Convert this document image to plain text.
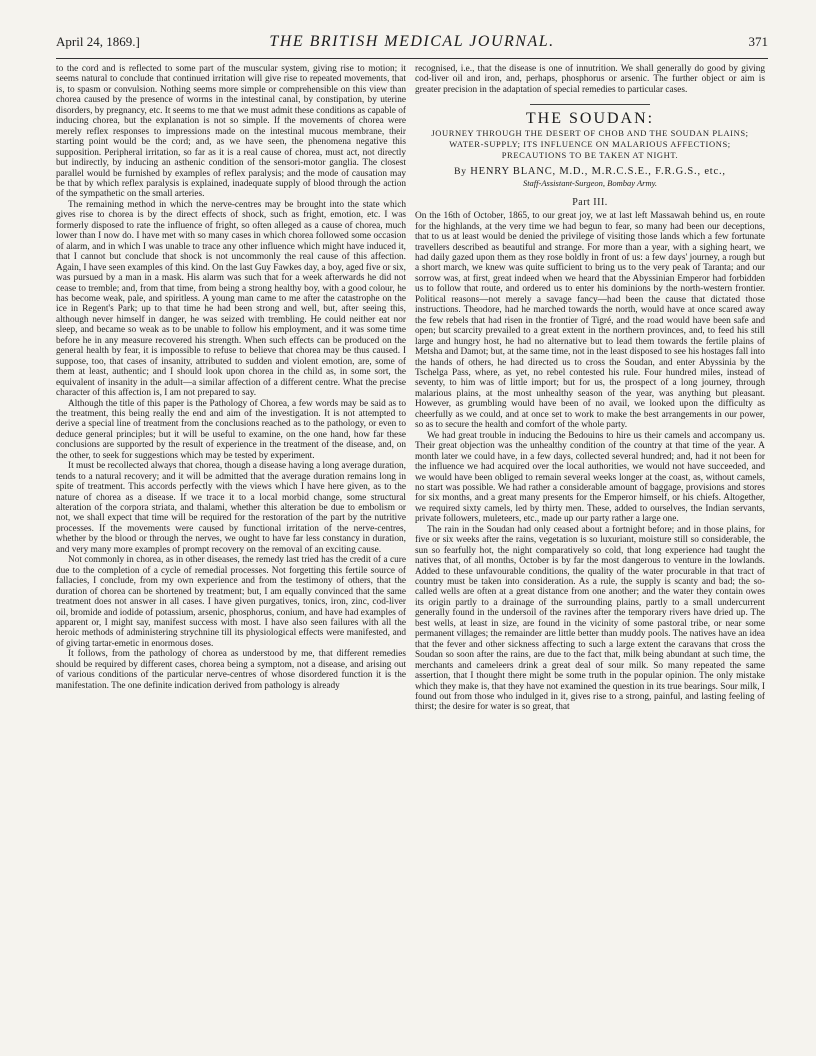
April 24, 1869.]	THE BRITISH MEDICAL JOURNAL.	371

to the cord and is reflected to some part of the muscular system, giving rise to motion; it seems natural to conclude that continued irritation will give rise to repeated movements, that is, to spasm or convulsion. Nothing seems more simple or comprehensible on this view than chorea caused by the presence of worms in the intestinal canal, by constipation, by uterine disorders, by pregnancy, etc. It seems to me that we must admit these conditions as capable of inducing chorea, but the explanation is not so simple. If the movements of chorea were merely reflex responses to impressions made on the intestinal mucous membrane, their starting point would be the cord; and, as we have seen, the phenomena negative this supposition. Peripheral irritation, so far as it is a real cause of chorea, must act, not directly but indirectly, by inducing an asthenic condition of the sensori-motor ganglia. The closest parallel would be furnished by examples of reflex paralysis; and the mode of causation may be that by which reflex paralysis is explained, inadequate supply of blood through the action of the sympathetic on the small arteries.

The remaining method in which the nerve-centres may be brought into the state which gives rise to chorea is by the direct effects of shock, such as fright, emotion, etc. I was formerly disposed to rate the influence of fright, so often alleged as a cause of chorea, much lower than I now do. I have met with so many cases in which chorea followed some occasion of alarm, and in which I was unable to trace any other influence which might have induced it, that I cannot but conclude that shock is not uncommonly the real cause of this affection. Again, I have seen examples of this kind. On the last Guy Fawkes day, a boy, aged five or six, was pursued by a man in a mask. His alarm was such that for a week afterwards he did not cease to tremble; and, from that time, from being a strong healthy boy, with a good colour, he has become weak, pale, and spiritless. A young man came to me after the catastrophe on the ice in Regent's Park; up to that time he had been strong and well, but, after seeing this, although never himself in danger, he was seized with trembling. He could neither eat nor sleep, and became so weak as to be unable to follow his employment, and it was some time before he in any measure recovered his strength. When such effects can be produced on the general health by fear, it is impossible to refuse to believe that chorea may be thus caused. I suppose, too, that cases of insanity, attributed to sudden and violent emotion, are, some of them at least, authentic; and I should look upon chorea in the child as, in some sort, the equivalent of insanity in the adult—a similar affection of a different centre. What the precise character of this affection is, I am not prepared to say.

Although the title of this paper is the Pathology of Chorea, a few words may be said as to the treatment, this being really the end and aim of the investigation. It is not attempted to derive a special line of treatment from the conclusions reached as to the pathology, or even to deduce general principles; but it will be useful to examine, on the one hand, how far these conclusions are supported by the result of experience in the treatment of the disease, and, on the other, to seek for suggestions which may be tested by experiment.

It must be recollected always that chorea, though a disease having a long average duration, tends to a natural recovery; and it will be admitted that the average duration remains long in spite of treatment. This accords perfectly with the views which I have here given, as to the nature of chorea as a disease. If we trace it to a local morbid change, some structural alteration of the corpora striata, and thalami, whether this alteration be due to embolism or not, we shall expect that time will be required for the restoration of the part by the nutritive processes. If the movements were caused by functional irritation of the nerve-centres, whether by the blood or through the nerves, we ought to have far less constancy in duration, and very many more examples of prompt recovery on the removal of an exciting cause.

Not commonly in chorea, as in other diseases, the remedy last tried has the credit of a cure due to the completion of a cycle of remedial processes. Not forgetting this fertile source of fallacies, I conclude, from my own experience and from the testimony of others, that the duration of chorea can be shortened by treatment; but, I am equally convinced that the same treatment does not answer in all cases. I have given purgatives, tonics, iron, zinc, cod-liver oil, bromide and iodide of potassium, arsenic, phosphorus, conium, and have had examples of apparent or, I might say, manifest success with most. I have also seen failures with all the heroic methods of administering strychnine till its physiological effects were manifested, and of giving tartar-emetic in enormous doses.

It follows, from the pathology of chorea as understood by me, that different remedies should be required by different cases, chorea being a symptom, not a disease, and arising out of various conditions of the particular nerve-centres of whose disordered function it is the manifestation. The one definite indication derived from pathology is already

recognised, i.e., that the disease is one of innutrition. We shall generally do good by giving cod-liver oil and iron, and, perhaps, phosphorus or arsenic. The further object or aim is greater precision in the adaptation of special remedies to particular cases.

THE SOUDAN:
JOURNEY THROUGH THE DESERT OF CHOB AND THE SOUDAN PLAINS; WATER-SUPPLY; ITS INFLUENCE ON MALARIOUS AFFECTIONS; PRECAUTIONS TO BE TAKEN AT NIGHT.
By HENRY BLANC, M.D., M.R.C.S.E., F.R.G.S., etc.,
Staff-Assistant-Surgeon, Bombay Army.
Part III.

On the 16th of October, 1865, to our great joy, we at last left Massawah behind us, en route for the highlands, at the very time we had begun to fear, so many had been our deceptions, that to us at least would be denied the privilege of visiting those lands which a few fortunate travellers described as beautiful and strange. For more than a year, with a sighing heart, we had daily gazed upon them as they rose boldly in front of us: a few days' journey, a rough but a short march, we knew was quite sufficient to bring us to the very peak of Taranta; and our sorrow was, at first, great indeed when we heard that the Abyssinian Emperor had forbidden us to follow that route, and ordered us to enter his dominions by the north-western frontier. Political reasons—not merely a savage fancy—had been the cause that dictated those instructions. Theodore, had he marched towards the north, would have at once scared away the few rebels that had risen in the frontier of Tigré, and the road would have been safe and open; but scarcity prevailed to a great extent in the northern provinces, and, to feed his still large and hungry host, he had no alternative but to lead them towards the fertile plains of Metsha and Damot; but, at the same time, not in the least disposed to see his hostages fall into the hands of others, he had directed us to cross the Soudan, and enter Abyssinia by the Tschelga Pass, where, as yet, no rebel contested his rule. Four hundred miles, instead of seventy, to him was of little import; but for us, the prospect of a long journey, through malarious plains, at the most unhealthy season of the year, was anything but pleasant. However, as grumbling would have been of no avail, we looked upon the difficulty as cheerfully as we could, and at once set to work to make the best arrangements in our power, so as to secure the health and comfort of the whole party.

We had great trouble in inducing the Bedouins to hire us their camels and accompany us. Their great objection was the unhealthy condition of the country at that time of the year. A month later we could have, in a few days, collected several hundred; and, had it not been for the influence we had acquired over the local authorities, we would not have succeeded, and we would have been obliged to remain several weeks longer at the coast, as, without camels, no start was possible. We had rather a considerable amount of baggage, provisions and stores for six months, and a great many presents for the Emperor himself, or his chiefs. Altogether, we required sixty camels, led by thirty men. These, added to ourselves, the Indian servants, private followers, muleteers, etc., made up our party rather a large one.

The rain in the Soudan had only ceased about a fortnight before; and in those plains, for five or six weeks after the rains, vegetation is so luxuriant, moisture still so considerable, the sun so fearfully hot, the night comparatively so cold, that long experience had taught the natives that, of all months, October is by far the most dangerous to venture in the lowlands. Added to these unfavourable conditions, the quality of the water procurable in that tract of country must be taken into consideration. As a rule, the supply is scanty and bad; the so-called wells are often at a great distance from one another; and the water they contain owes its origin partly to a drainage of the surrounding plains, partly to a small undercurrent generally found in the undersoil of the ravines after the temporary rivers have dried up. The best wells, at least in size, are found in the vicinity of some pastoral tribe, or near some permanent villages; the remainder are little better than muddy pools. The natives have an idea that the fever and other sickness affecting to such a large extent the caravans that cross the Soudan so soon after the rains, are due to the fact that, milk being abundant at such time, the merchants and cameleers drink a great deal of sour milk. So many repeated the same assertion, that I thought there might be some truth in the popular opinion. The only mistake which they make is, that they have not examined the question in its true bearings. Sour milk, I found out from those who indulged in it, gives rise to a strong, painful, and lasting feeling of thirst; the desire for water is so great, that
